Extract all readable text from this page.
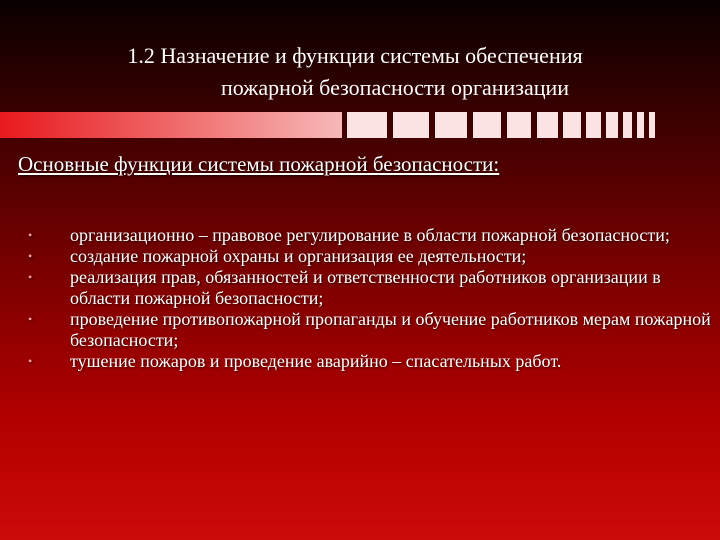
1.2 Назначение и функции системы обеспечения
пожарной безопасности организации
Основные функции системы пожарной безопасности:
• организационно – правовое регулирование в области пожарной безопасности;
• создание пожарной охраны и организация ее деятельности;
• реализация прав, обязанностей и ответственности работников организации в области пожарной безопасности;
• проведение противопожарной пропаганды и обучение работников мерам пожарной безопасности;
• тушение пожаров и проведение аварийно – спасательных работ.
